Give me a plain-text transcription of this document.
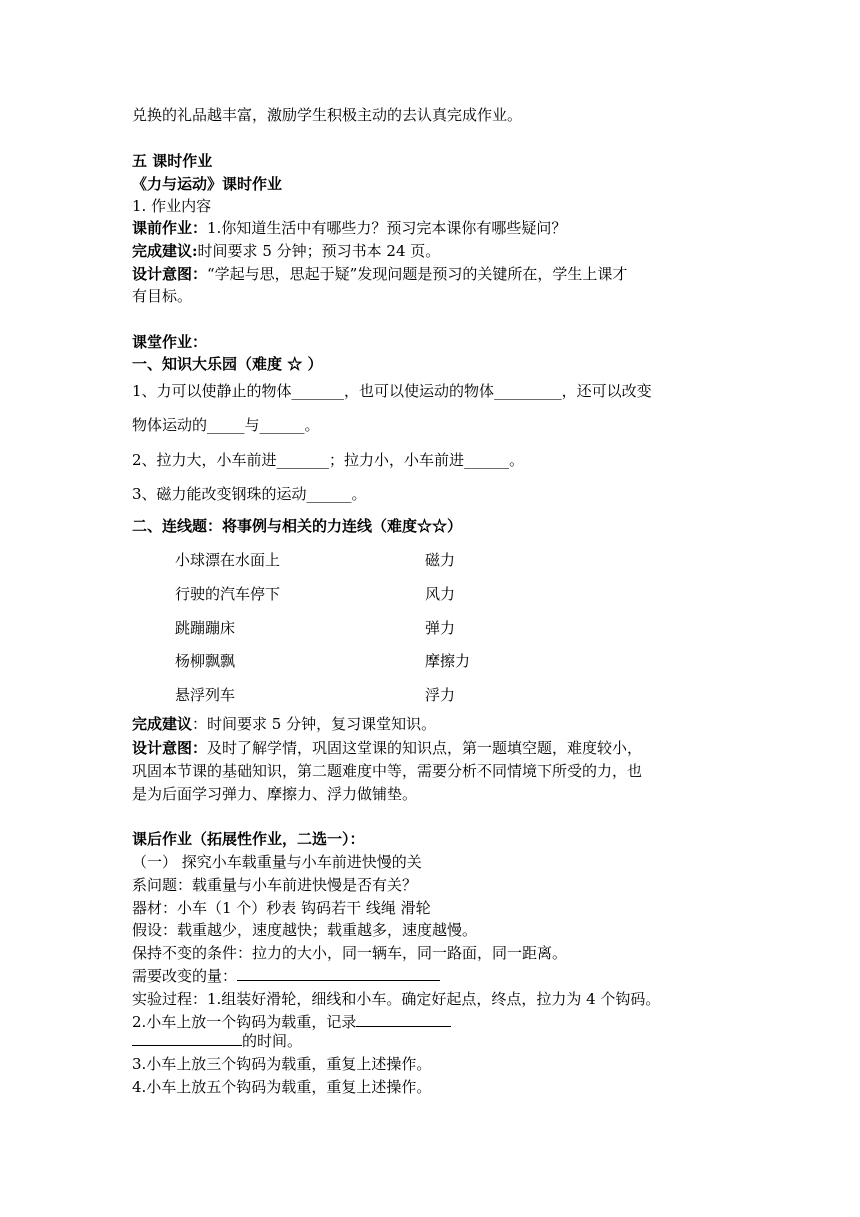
兑换的礼品越丰富，激励学生积极主动的去认真完成作业。
五 课时作业
《力与运动》课时作业
1. 作业内容
课前作业：1.你知道生活中有哪些力？预习完本课你有哪些疑问？
完成建议:时间要求 5 分钟；预习书本 24 页。
设计意图：“学起与思，思起于疑”发现问题是预习的关键所在，学生上课才
有目标。
课堂作业：
一、知识大乐园（难度 ☆ ）
1、力可以使静止的物体_______，也可以使运动的物体_________，还可以改变
物体运动的_____与______。
2、拉力大，小车前进_______；拉力小，小车前进______。
3、磁力能改变钢珠的运动______。
二、连线题：将事例与相关的力连线（难度☆☆）
小球漂在水面上	磁力
行驶的汽车停下	风力
跳蹦蹦床	弹力
杨柳飘飘	摩擦力
悬浮列车	浮力
完成建议：时间要求 5 分钟，复习课堂知识。
设计意图：及时了解学情，巩固这堂课的知识点，第一题填空题，难度较小，
巩固本节课的基础知识，第二题难度中等，需要分析不同情境下所受的力，也
是为后面学习弹力、摩擦力、浮力做铺垫。
课后作业（拓展性作业，二选一）：
（一） 探究小车载重量与小车前进快慢的关
系问题：载重量与小车前进快慢是否有关？
器材：小车（1 个）秒表 钩码若干 线绳 滑轮
假设：载重越少，速度越快；载重越多，速度越慢。
保持不变的条件：拉力的大小，同一辆车，同一路面，同一距离。
需要改变的量：
实验过程：1.组装好滑轮，细线和小车。确定好起点，终点，拉力为 4 个钩码。
2.小车上放一个钩码为载重，记录
的时间。
3.小车上放三个钩码为载重，重复上述操作。
4.小车上放五个钩码为载重，重复上述操作。
